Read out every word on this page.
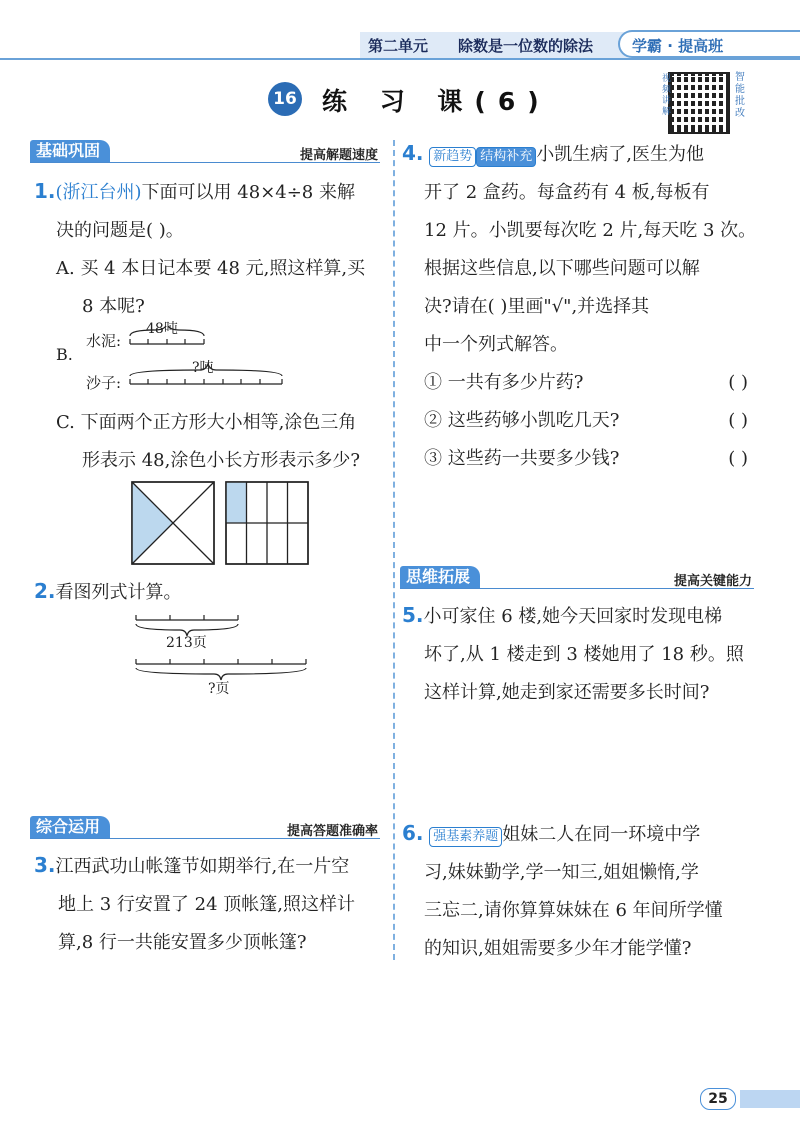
第二单元 除数是一位数的除法	学霸 · 提高班
16 练 习 课(6)
视频讲解
智能批改
基础巩固	提高解题速度
1.(浙江台州)下面可以用 48×4÷8 来解
决的问题是( )。
A. 买 4 本日记本要 48 元,照这样算,买
8 本呢?
B.
水泥:
沙子:
48吨
?吨
C. 下面两个正方形大小相等,涂色三角
形表示 48,涂色小长方形表示多少?
2.看图列式计算。
213页
?页
综合运用	提高答题准确率
3.江西武功山帐篷节如期举行,在一片空
地上 3 行安置了 24 顶帐篷,照这样计
算,8 行一共能安置多少顶帐篷?
4. 新趋势 结构补充 小凯生病了,医生为他
开了 2 盒药。每盒药有 4 板,每板有
12 片。小凯要每次吃 2 片,每天吃 3 次。
根据这些信息,以下哪些问题可以解
决?请在( )里画"√",并选择其
中一个列式解答。
① 一共有多少片药?	( )
② 这些药够小凯吃几天?	( )
③ 这些药一共要多少钱?	( )
思维拓展	提高关键能力
5.小可家住 6 楼,她今天回家时发现电梯
坏了,从 1 楼走到 3 楼她用了 18 秒。照
这样计算,她走到家还需要多长时间?
6. 强基素养题 姐妹二人在同一环境中学
习,妹妹勤学,学一知三,姐姐懒惰,学
三忘二,请你算算妹妹在 6 年间所学懂
的知识,姐姐需要多少年才能学懂?
25
